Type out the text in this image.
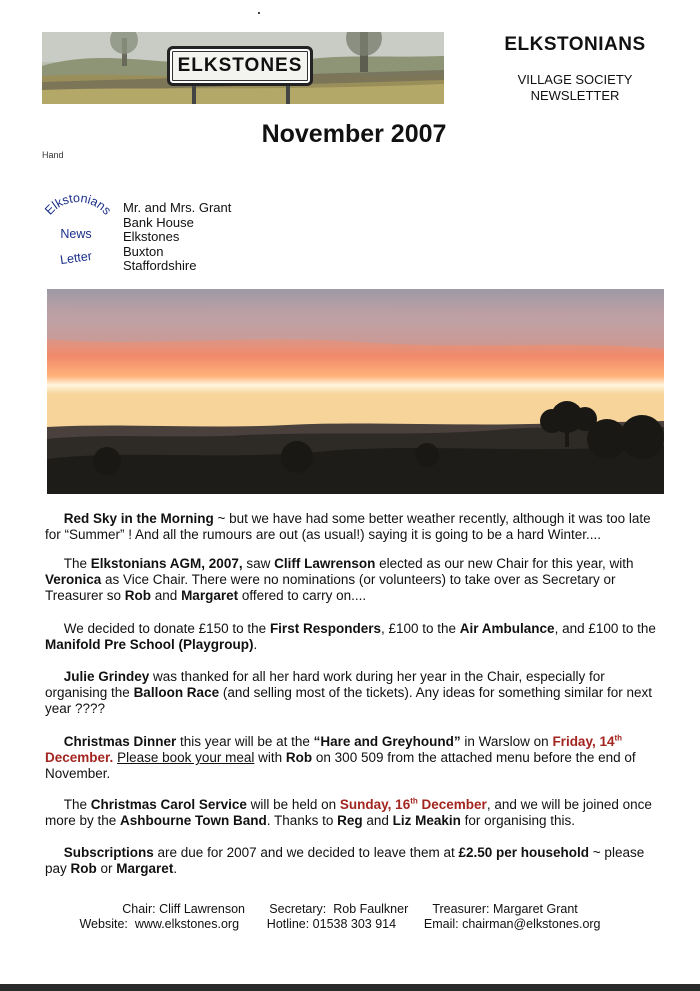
ELKSTONES
ELKSTONIANS
VILLAGE SOCIETY
NEWSLETTER
November 2007
Hand
Elkstonians
News
Letter
Mr. and Mrs. Grant
Bank House
Elkstones
Buxton
Staffordshire
Red Sky in the Morning ~ but we have had some better weather recently, although it was too late for “Summer” ! And all the rumours are out (as usual!) saying it is going to be a hard Winter....
The Elkstonians AGM, 2007, saw Cliff Lawrenson elected as our new Chair for this year, with Veronica as Vice Chair. There were no nominations (or volunteers) to take over as Secretary or Treasurer so Rob and Margaret offered to carry on....
We decided to donate £150 to the First Responders, £100 to the Air Ambulance, and £100 to the Manifold Pre School (Playgroup).
Julie Grindey was thanked for all her hard work during her year in the Chair, especially for organising the Balloon Race (and selling most of the tickets). Any ideas for something similar for next year ????
Christmas Dinner this year will be at the “Hare and Greyhound” in Warslow on Friday, 14th December. Please book your meal with Rob on 300 509 from the attached menu before the end of November.
The Christmas Carol Service will be held on Sunday, 16th December, and we will be joined once more by the Ashbourne Town Band. Thanks to Reg and Liz Meakin for organising this.
Subscriptions are due for 2007 and we decided to leave them at £2.50 per household ~ please pay Rob or Margaret.
Chair: Cliff Lawrenson       Secretary:  Rob Faulkner       Treasurer: Margaret Grant
Website:  www.elkstones.org        Hotline: 01538 303 914        Email: chairman@elkstones.org
